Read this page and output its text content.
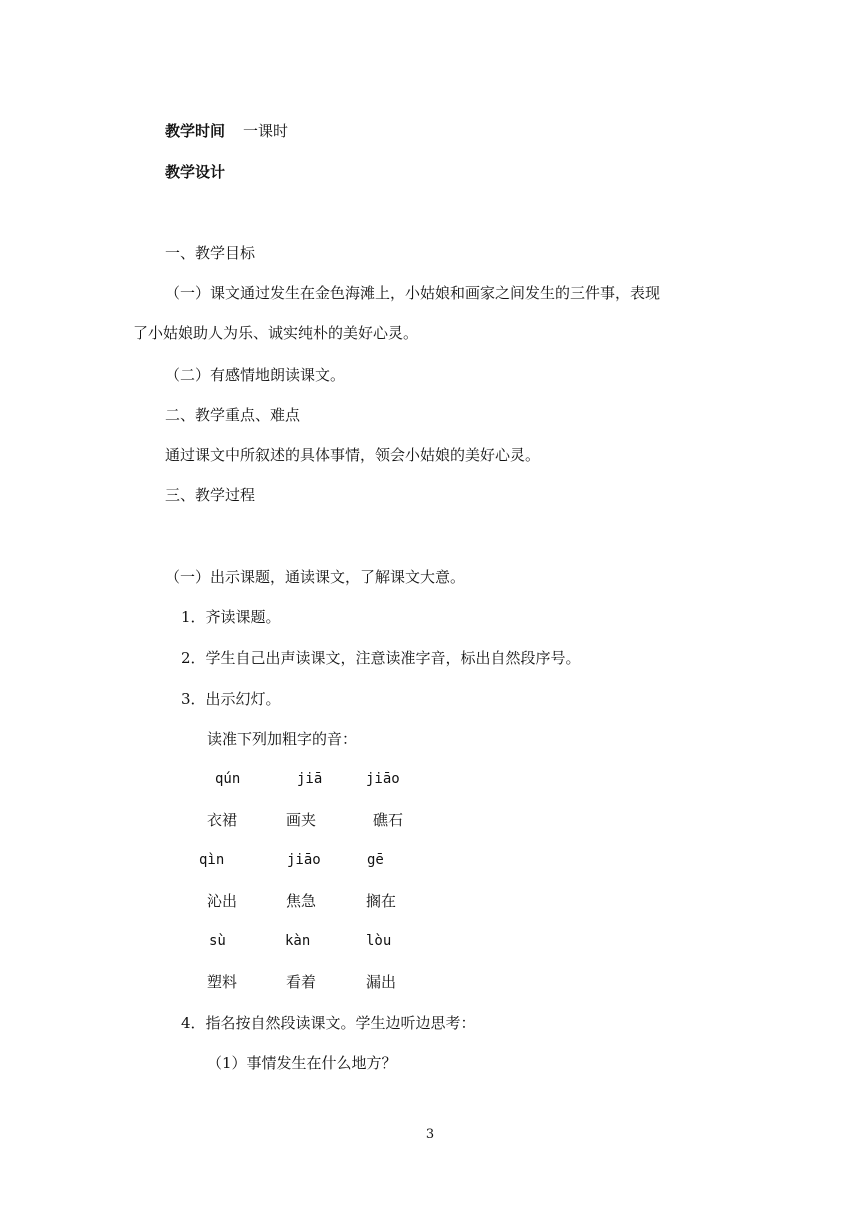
教学时间 一课时
教学设计
一、教学目标
（一）课文通过发生在金色海滩上，小姑娘和画家之间发生的三件事，表现
了小姑娘助人为乐、诚实纯朴的美好心灵。
（二）有感情地朗读课文。
二、教学重点、难点
通过课文中所叙述的具体事情，领会小姑娘的美好心灵。
三、教学过程
（一）出示课题，通读课文，了解课文大意。
1．齐读课题。
2．学生自己出声读课文，注意读准字音，标出自然段序号。
3．出示幻灯。
读准下列加粗字的音：
qún	jiā	jiāo
衣裙	画夹	礁石
qìn	jiāo	gē
沁出	焦急	搁在
sù	kàn	lòu
塑料	看着	漏出
4．指名按自然段读课文。学生边听边思考：
（1）事情发生在什么地方？
3
